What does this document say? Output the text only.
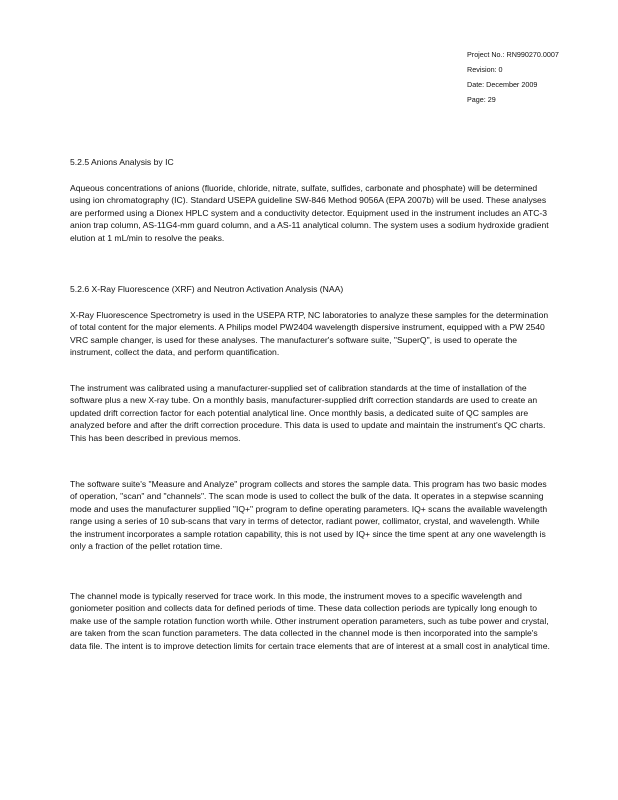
Project No.: RN990270.0007
Revision: 0
Date: December 2009
Page: 29
5.2.5 Anions Analysis by IC

Aqueous concentrations of anions (fluoride, chloride, nitrate, sulfate, sulfides, carbonate and phosphate) will be determined using ion chromatography (IC). Standard USEPA guideline SW-846 Method 9056A (EPA 2007b) will be used. These analyses are performed using a Dionex HPLC system and a conductivity detector. Equipment used in the instrument includes an ATC-3 anion trap column, AS-11G4-mm guard column, and a AS-11 analytical column. The system uses a sodium hydroxide gradient elution at 1 mL/min to resolve the peaks.

5.2.6 X-Ray Fluorescence (XRF) and Neutron Activation Analysis (NAA)

X-Ray Fluorescence Spectrometry is used in the USEPA RTP, NC laboratories to analyze these samples for the determination of total content for the major elements. A Philips model PW2404 wavelength dispersive instrument, equipped with a PW 2540 VRC sample changer, is used for these analyses. The manufacturer's software suite, "SuperQ", is used to operate the instrument, collect the data, and perform quantification.

The instrument was calibrated using a manufacturer-supplied set of calibration standards at the time of installation of the software plus a new X-ray tube. On a monthly basis, manufacturer-supplied drift correction standards are used to create an updated drift correction factor for each potential analytical line. Once monthly basis, a dedicated suite of QC samples are analyzed before and after the drift correction procedure. This data is used to update and maintain the instrument's QC charts. This has been described in previous memos.

The software suite's "Measure and Analyze" program collects and stores the sample data. This program has two basic modes of operation, "scan" and "channels". The scan mode is used to collect the bulk of the data. It operates in a stepwise scanning mode and uses the manufacturer supplied "IQ+" program to define operating parameters. IQ+ scans the available wavelength range using a series of 10 sub-scans that vary in terms of detector, radiant power, collimator, crystal, and wavelength. While the instrument incorporates a sample rotation capability, this is not used by IQ+ since the time spent at any one wavelength is only a fraction of the pellet rotation time.

The channel mode is typically reserved for trace work. In this mode, the instrument moves to a specific wavelength and goniometer position and collects data for defined periods of time. These data collection periods are typically long enough to make use of the sample rotation function worth while. Other instrument operation parameters, such as tube power and crystal, are taken from the scan function parameters. The data collected in the channel mode is then incorporated into the sample's data file. The intent is to improve detection limits for certain trace elements that are of interest at a small cost in analytical time.
